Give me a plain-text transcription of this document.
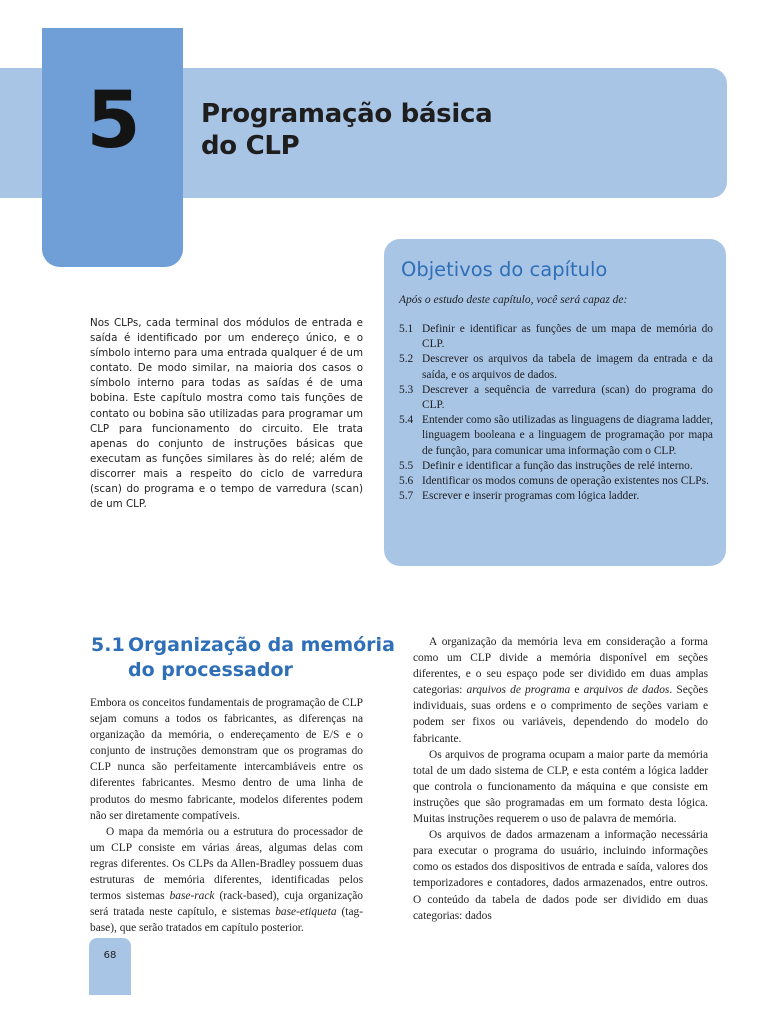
5	Programação básica
do CLP
Objetivos do capítulo
Após o estudo deste capítulo, você será capaz de:
5.1 Definir e identificar as funções de um mapa de memória do CLP.
5.2 Descrever os arquivos da tabela de imagem da entrada e da saída, e os arquivos de dados.
5.3 Descrever a sequência de varredura (scan) do programa do CLP.
5.4 Entender como são utilizadas as linguagens de diagrama ladder, linguagem booleana e a linguagem de programação por mapa de função, para comunicar uma informação com o CLP.
5.5 Definir e identificar a função das instruções de relé interno.
5.6 Identificar os modos comuns de operação existentes nos CLPs.
5.7 Escrever e inserir programas com lógica ladder.
Nos CLPs, cada terminal dos módulos de entrada e saída é identificado por um endereço único, e o símbolo interno para uma entrada qualquer é de um contato. De modo similar, na maioria dos casos o símbolo interno para todas as saídas é de uma bobina. Este capítulo mostra como tais funções de contato ou bobina são utilizadas para programar um CLP para funcionamento do circuito. Ele trata apenas do conjunto de instruções básicas que executam as funções similares às do relé; além de discorrer mais a respeito do ciclo de varredura (scan) do programa e o tempo de varredura (scan) de um CLP.
5.1 Organização da memória
do processador

Embora os conceitos fundamentais de programação de CLP sejam comuns a todos os fabricantes, as diferenças na organização da memória, o endereçamento de E/S e o conjunto de instruções demonstram que os programas do CLP nunca são perfeitamente intercambiáveis entre os diferentes fabricantes. Mesmo dentro de uma linha de produtos do mesmo fabricante, modelos diferentes podem não ser diretamente compatíveis.

O mapa da memória ou a estrutura do processador de um CLP consiste em várias áreas, algumas delas com regras diferentes. Os CLPs da Allen-Bradley possuem duas estruturas de memória diferentes, identificadas pelos termos sistemas base-rack (rack-based), cuja organização será tratada neste capítulo, e sistemas base-etiqueta (tag-base), que serão tratados em capítulo posterior.

A organização da memória leva em consideração a forma como um CLP divide a memória disponível em seções diferentes, e o seu espaço pode ser dividido em duas amplas categorias: arquivos de programa e arquivos de dados. Seções individuais, suas ordens e o comprimento de seções variam e podem ser fixos ou variáveis, dependendo do modelo do fabricante.

Os arquivos de programa ocupam a maior parte da memória total de um dado sistema de CLP, e esta contém a lógica ladder que controla o funcionamento da máquina e que consiste em instruções que são programadas em um formato desta lógica. Muitas instruções requerem o uso de palavra de memória.

Os arquivos de dados armazenam a informação necessária para executar o programa do usuário, incluindo informações como os estados dos dispositivos de entrada e saída, valores dos temporizadores e contadores, dados armazenados, entre outros. O conteúdo da tabela de dados pode ser dividido em duas categorias: dados

68
